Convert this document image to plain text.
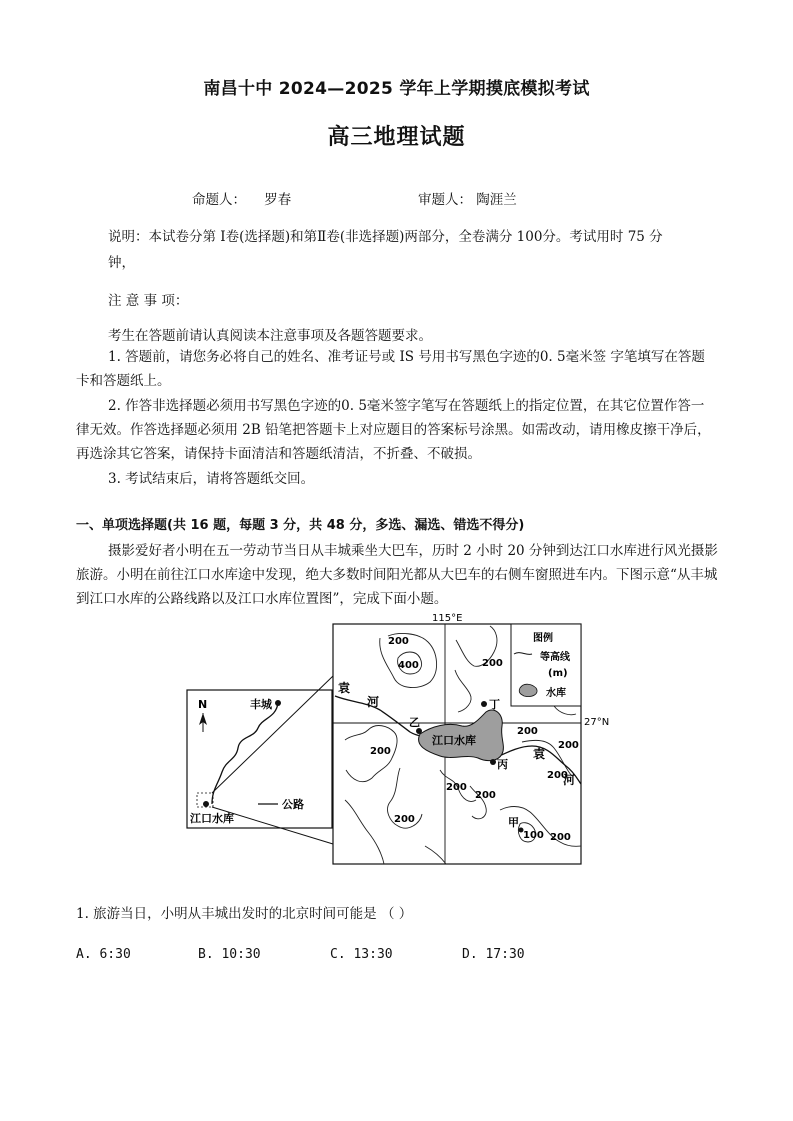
南昌十中 2024—2025 学年上学期摸底模拟考试
高三地理试题
命题人： 罗春	审题人： 陶涯兰
说明：本试卷分第 Ⅰ卷(选择题)和第Ⅱ卷(非选择题)两部分，全卷满分 100分。考试用时 75 分
钟，
注 意 事 项：
考生在答题前请认真阅读本注意事项及各题答题要求。
1. 答题前，请您务必将自己的姓名、准考证号或 IS 号用书写黑色字迹的0. 5毫米签 字笔填写在答题卡和答题纸上。
2. 作答非选择题必须用书写黑色字迹的0. 5毫米签字笔写在答题纸上的指定位置，在其它位置作答一律无效。作答选择题必须用 2B 铅笔把答题卡上对应题目的答案标号涂黑。如需改动，请用橡皮擦干净后，再选涂其它答案，请保持卡面清洁和答题纸清洁，不折叠、不破损。
3. 考试结束后，请将答题纸交回。
一、单项选择题(共 16 题，每题 3 分，共 48 分，多选、漏选、错选不得分)
摄影爱好者小明在五一劳动节当日从丰城乘坐大巴车，历时 2 小时 20 分钟到达江口水库进行风光摄影旅游。小明在前往江口水库途中发现，绝大多数时间阳光都从大巴车的右侧车窗照进车内。下图示意“从丰城到江口水库的公路线路以及江口水库位置图”，完成下面小题。
N	丰城
江口水库
公路
115°E
27°N
江口水库
丁
乙
丙
甲
袁
河
袁
河
200
400	200
200
200
200
200
200
200
200
100 200
图例
等高线
(m)
水库
1. 旅游当日，小明从丰城出发时的北京时间可能是 （ ）
A. 6:30	B. 10:30	C. 13:30	D. 17:30
